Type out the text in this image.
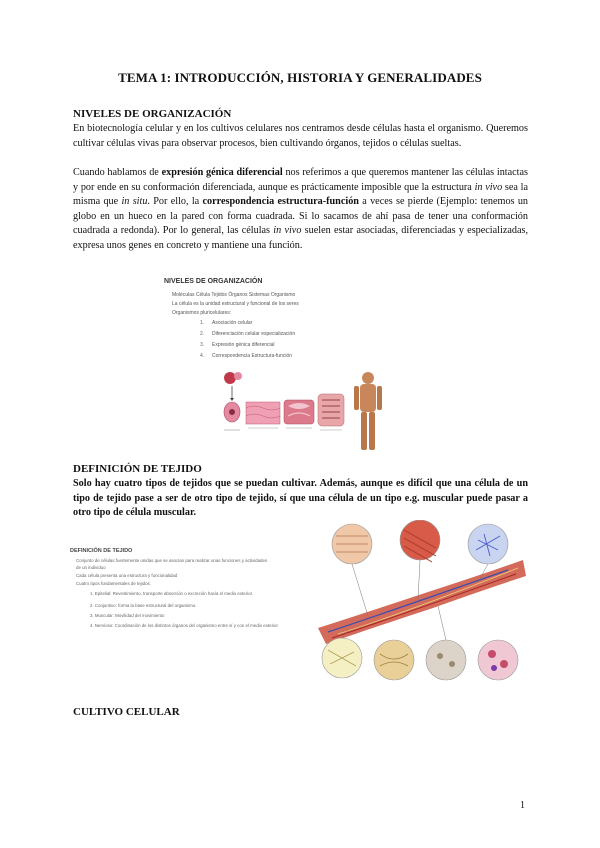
TEMA 1: INTRODUCCIÓN, HISTORIA Y GENERALIDADES

NIVELES DE ORGANIZACIÓN

En biotecnología celular y en los cultivos celulares nos centramos desde células hasta el organismo. Queremos cultivar células vivas para observar procesos, bien cultivando órganos, tejidos o células sueltas.

Cuando hablamos de expresión génica diferencial nos referimos a que queremos mantener las células intactas y por ende en su conformación diferenciada, aunque es prácticamente imposible que la estructura in vivo sea la misma que in situ. Por ello, la correspondencia estructura-función a veces se pierde (Ejemplo: tenemos un globo en un hueco en la pared con forma cuadrada. Si lo sacamos de ahí pasa de tener una conformación cuadrada a redonda). Por lo general, las células in vivo suelen estar asociadas, diferenciadas y especializadas, expresa unos genes en concreto y mantiene una función.

NIVELES DE ORGANIZACIÓN
Moléculas Célula Tejidos Órganos Sistemas Organismo
La célula es la unidad estructural y funcional de los seres
Organismos pluricelulares:
1. Asociación celular
2. Diferenciación celular especialización
3. Expresión génica diferencial
4. Correspondencia Estructura-función

DEFINICIÓN DE TEJIDO

Solo hay cuatro tipos de tejidos que se puedan cultivar. Además, aunque es difícil que una célula de un tipo de tejido pase a ser de otro tipo de tejido, sí que una célula de un tipo e.g. muscular puede pasar a otro tipo de célula muscular.

DEFINICIÓN DE TEJIDO
Conjunto de células fuertemente unidas que se asocian para realizar unas funciones y actividades
de un individuo
Cada célula presenta una estructura y funcionalidad
Cuatro tipos fundamentales de tejidos:
1. Epitelial: Revestimiento, transporte absorción o excreción hacia el medio exterior.
2. Conjuntivo: forma la base estructural del organismo.
3. Muscular: Movilidad del movimiento
4. Nervioso: Coordinación de los distintos órganos del organismo entre sí y con el medio exterior

CULTIVO CELULAR

1
